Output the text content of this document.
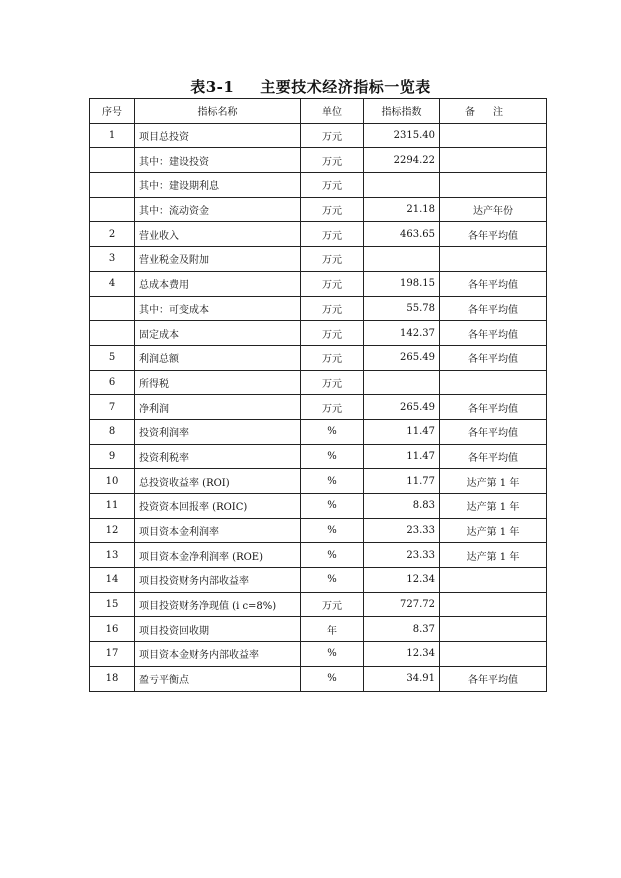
表3-1 主要技术经济指标一览表
序号	指标名称	单位	指标指数	备注
1	项目总投资	万元	2315.40	
	其中：建设投资	万元	2294.22	
	其中：建设期利息	万元		
	其中：流动资金	万元	21.18	达产年份
2	营业收入	万元	463.65	各年平均值
3	营业税金及附加	万元		
4	总成本费用	万元	198.15	各年平均值
	其中：可变成本	万元	55.78	各年平均值
	固定成本	万元	142.37	各年平均值
5	利润总额	万元	265.49	各年平均值
6	所得税	万元		
7	净利润	万元	265.49	各年平均值
8	投资利润率	%	11.47	各年平均值
9	投资利税率	%	11.47	各年平均值
10	总投资收益率 (ROI)	%	11.77	达产第 1 年
11	投资资本回报率 (ROIC)	%	8.83	达产第 1 年
12	项目资本金利润率	%	23.33	达产第 1 年
13	项目资本金净利润率 (ROE)	%	23.33	达产第 1 年
14	项目投资财务内部收益率	%	12.34	
15	项目投资财务净现值 (i c=8%)	万元	727.72	
16	项目投资回收期	年	8.37	
17	项目资本金财务内部收益率	%	12.34	
18	盈亏平衡点	%	34.91	各年平均值
